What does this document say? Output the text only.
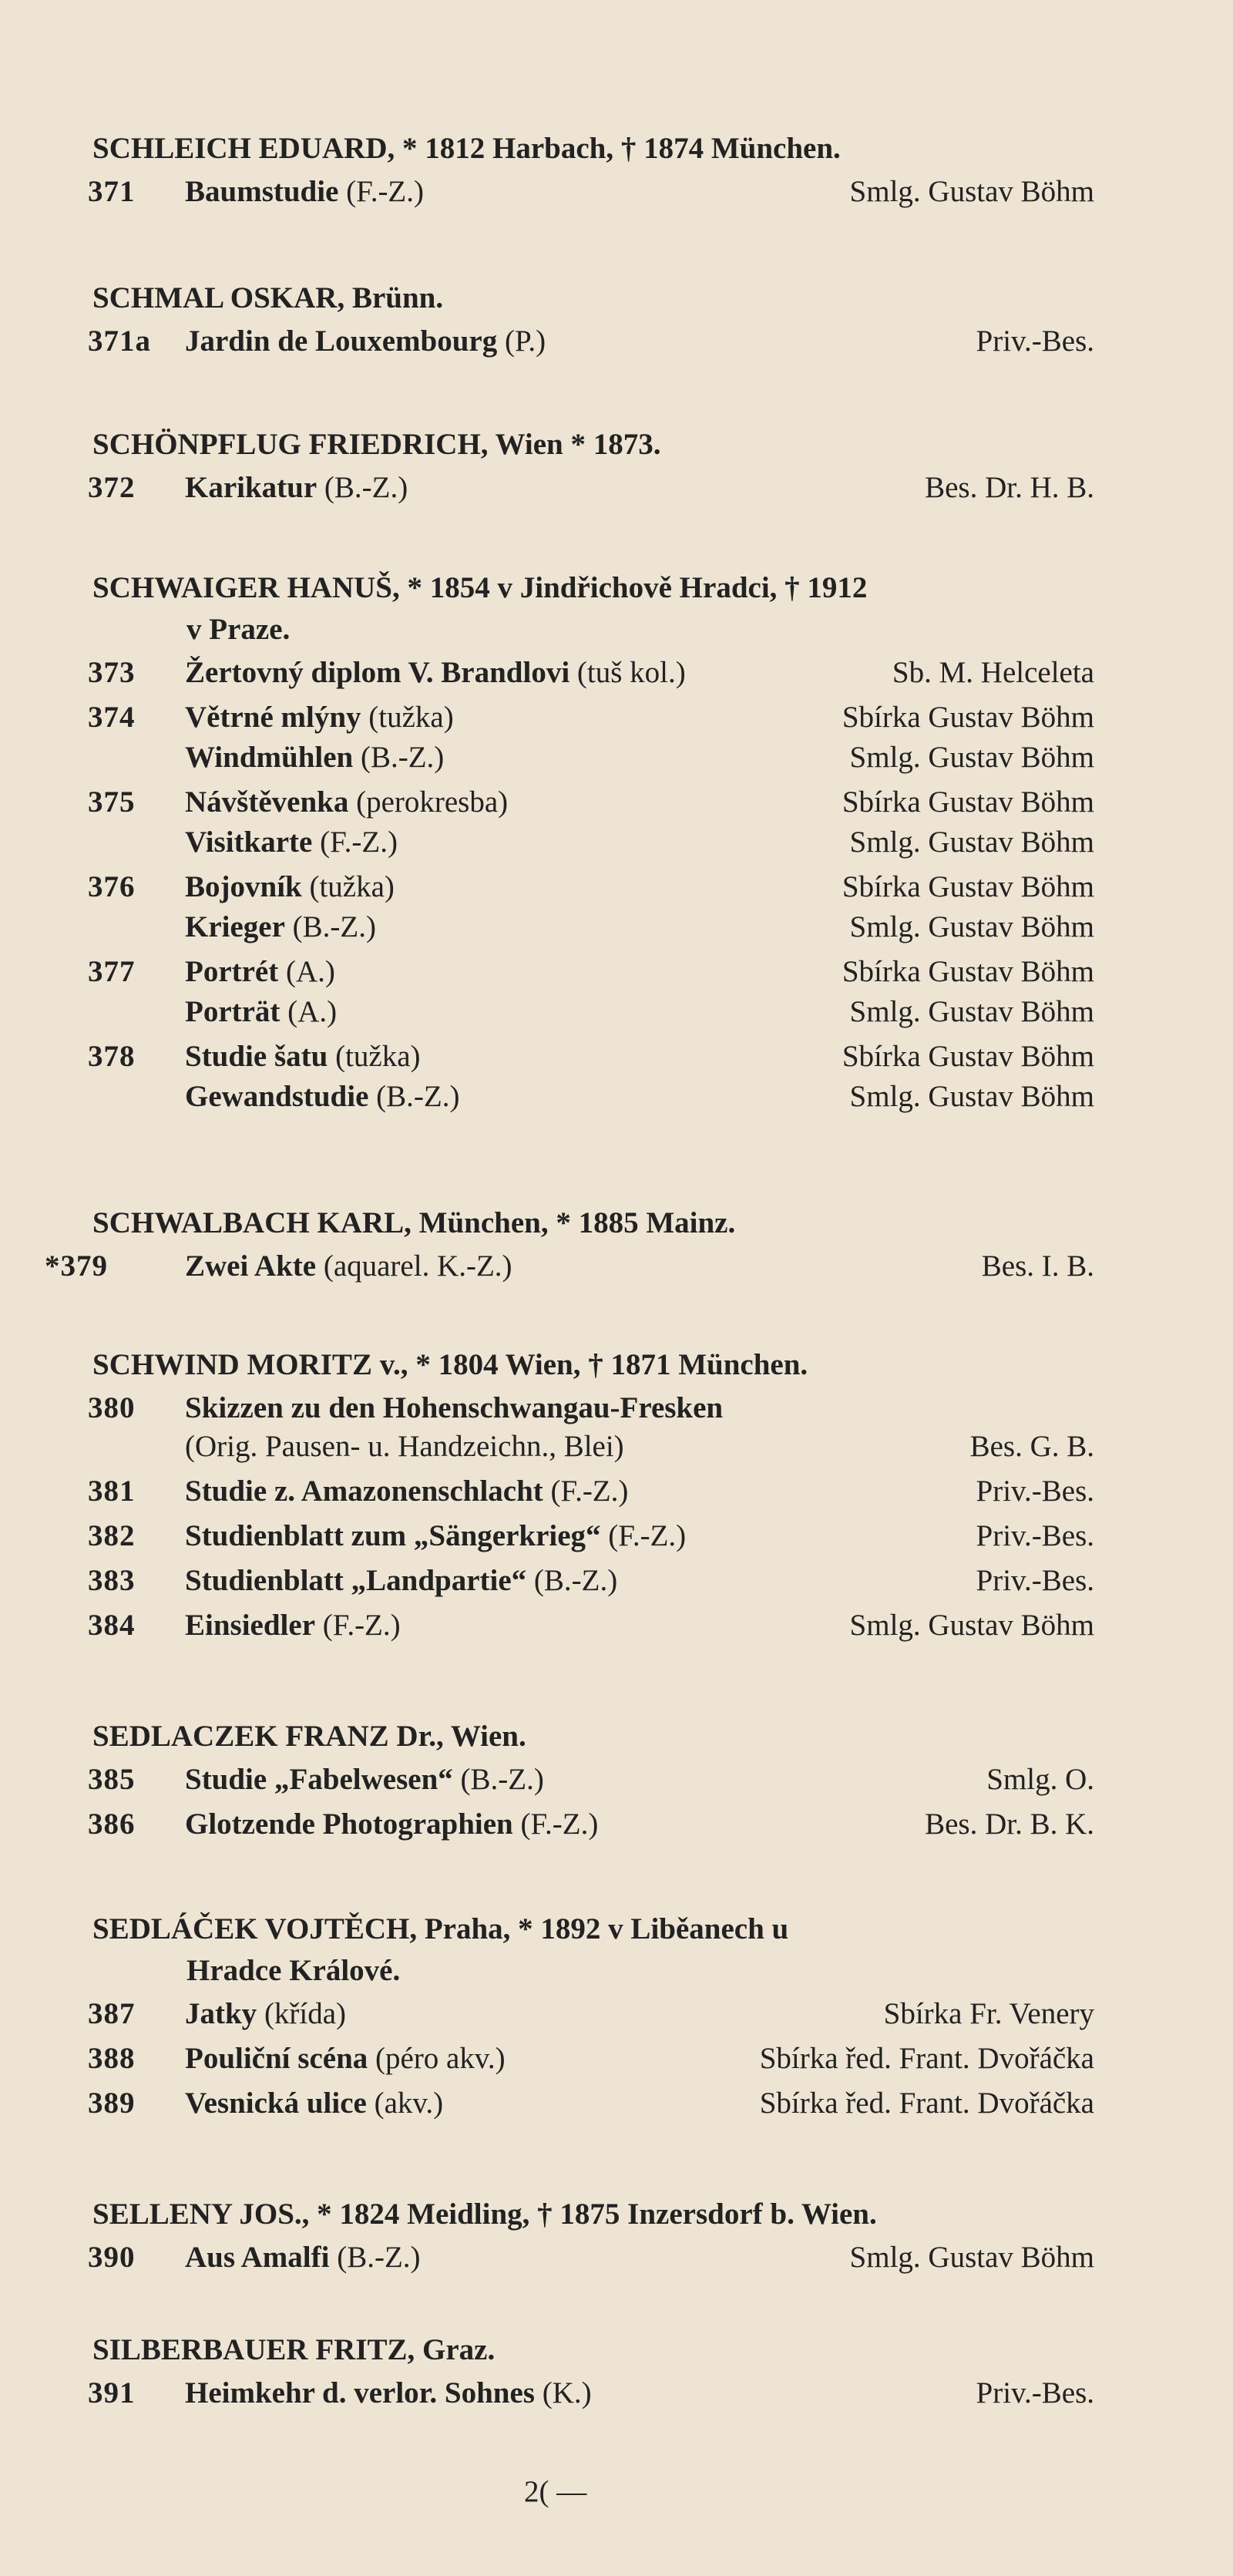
SCHLEICH EDUARD, * 1812 Harbach, † 1874 München.
371 Baumstudie (F.-Z.)	Smlg. Gustav Böhm
SCHMAL OSKAR, Brünn.
371a Jardin de Louxembourg (P.)	Priv.-Bes.
SCHÖNPFLUG FRIEDRICH, Wien * 1873.
372 Karikatur (B.-Z.)	Bes. Dr. H. B.
SCHWAIGER HANUŠ, * 1854 v Jindřichově Hradci, † 1912
v Praze.
373 Žertovný diplom V. Brandlovi (tuš kol.)	Sb. M. Helceleta
374 Větrné mlýny (tužka)	Sbírka Gustav Böhm
Windmühlen (B.-Z.)	Smlg. Gustav Böhm
375 Návštěvenka (perokresba)	Sbírka Gustav Böhm
Visitkarte (F.-Z.)	Smlg. Gustav Böhm
376 Bojovník (tužka)	Sbírka Gustav Böhm
Krieger (B.-Z.)	Smlg. Gustav Böhm
377 Portrét (A.)	Sbírka Gustav Böhm
Porträt (A.)	Smlg. Gustav Böhm
378 Studie šatu (tužka)	Sbírka Gustav Böhm
Gewandstudie (B.-Z.)	Smlg. Gustav Böhm
SCHWALBACH KARL, München, * 1885 Mainz.
*379	Zwei Akte (aquarel. K.-Z.)	Bes. I. B.
SCHWIND MORITZ v., * 1804 Wien, † 1871 München.
380 Skizzen zu den Hohenschwangau-Fresken
(Orig. Pausen- u. Handzeichn., Blei)	Bes. G. B.
381 Studie z. Amazonenschlacht (F.-Z.)	Priv.-Bes.
382 Studienblatt zum „Sängerkrieg“ (F.-Z.)	Priv.-Bes.
383 Studienblatt „Landpartie“ (B.-Z.)	Priv.-Bes.
384 Einsiedler (F.-Z.)	Smlg. Gustav Böhm
SEDLACZEK FRANZ Dr., Wien.
385 Studie „Fabelwesen“ (B.-Z.)	Smlg. O.
386 Glotzende Photographien (F.-Z.)	Bes. Dr. B. K.
SEDLÁČEK VOJTĚCH, Praha, * 1892 v Liběanech u
Hradce Králové.
387 Jatky (křída)	Sbírka Fr. Venery
388 Pouliční scéna (péro akv.)	Sbírka řed. Frant. Dvořáčka
389 Vesnická ulice (akv.)	Sbírka řed. Frant. Dvořáčka
SELLENY JOS., * 1824 Meidling, † 1875 Inzersdorf b. Wien.
390 Aus Amalfi (B.-Z.)	Smlg. Gustav Böhm
SILBERBAUER FRITZ, Graz.
391 Heimkehr d. verlor. Sohnes (K.)	Priv.-Bes.
2( —
